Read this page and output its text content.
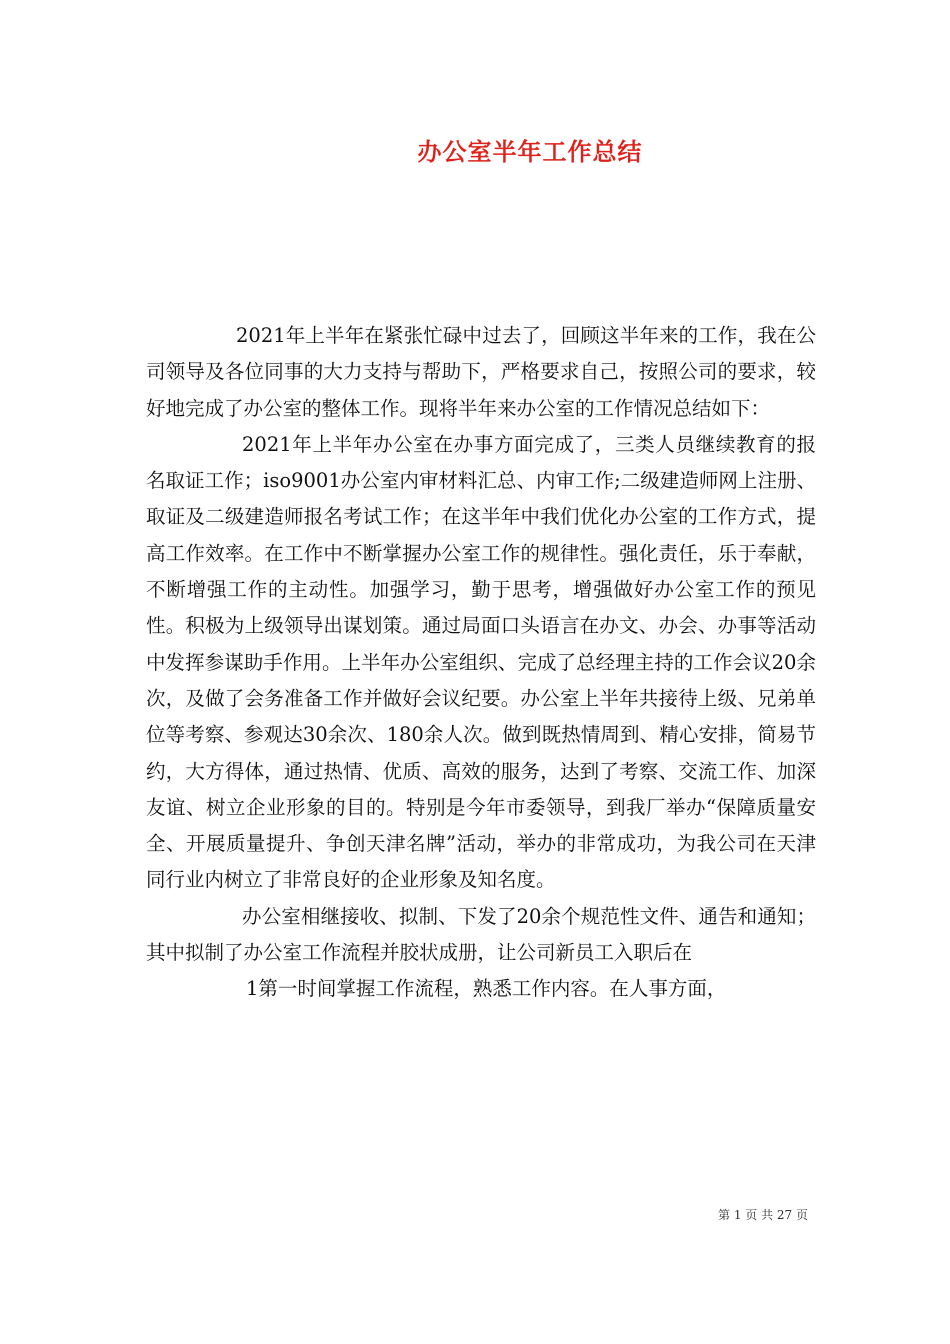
办公室半年工作总结

2021年上半年在紧张忙碌中过去了，回顾这半年来的工作，我在公司领导及各位同事的大力支持与帮助下，严格要求自己，按照公司的要求，较好地完成了办公室的整体工作。现将半年来办公室的工作情况总结如下：

2021年上半年办公室在办事方面完成了，三类人员继续教育的报名取证工作；iso9001办公室内审材料汇总、内审工作;二级建造师网上注册、取证及二级建造师报名考试工作；在这半年中我们优化办公室的工作方式，提高工作效率。在工作中不断掌握办公室工作的规律性。强化责任，乐于奉献，不断增强工作的主动性。加强学习，勤于思考，增强做好办公室工作的预见性。积极为上级领导出谋划策。通过局面口头语言在办文、办会、办事等活动中发挥参谋助手作用。上半年办公室组织、完成了总经理主持的工作会议20余次，及做了会务准备工作并做好会议纪要。办公室上半年共接待上级、兄弟单位等考察、参观达30余次、180余人次。做到既热情周到、精心安排，简易节约，大方得体，通过热情、优质、高效的服务，达到了考察、交流工作、加深友谊、树立企业形象的目的。特别是今年市委领导，到我厂举办“保障质量安全、开展质量提升、争创天津名牌”活动，举办的非常成功，为我公司在天津同行业内树立了非常良好的企业形象及知名度。

办公室相继接收、拟制、下发了20余个规范性文件、通告和通知；其中拟制了办公室工作流程并胶状成册，让公司新员工入职后在

1第一时间掌握工作流程，熟悉工作内容。在人事方面，

第 1 页 共 27 页
